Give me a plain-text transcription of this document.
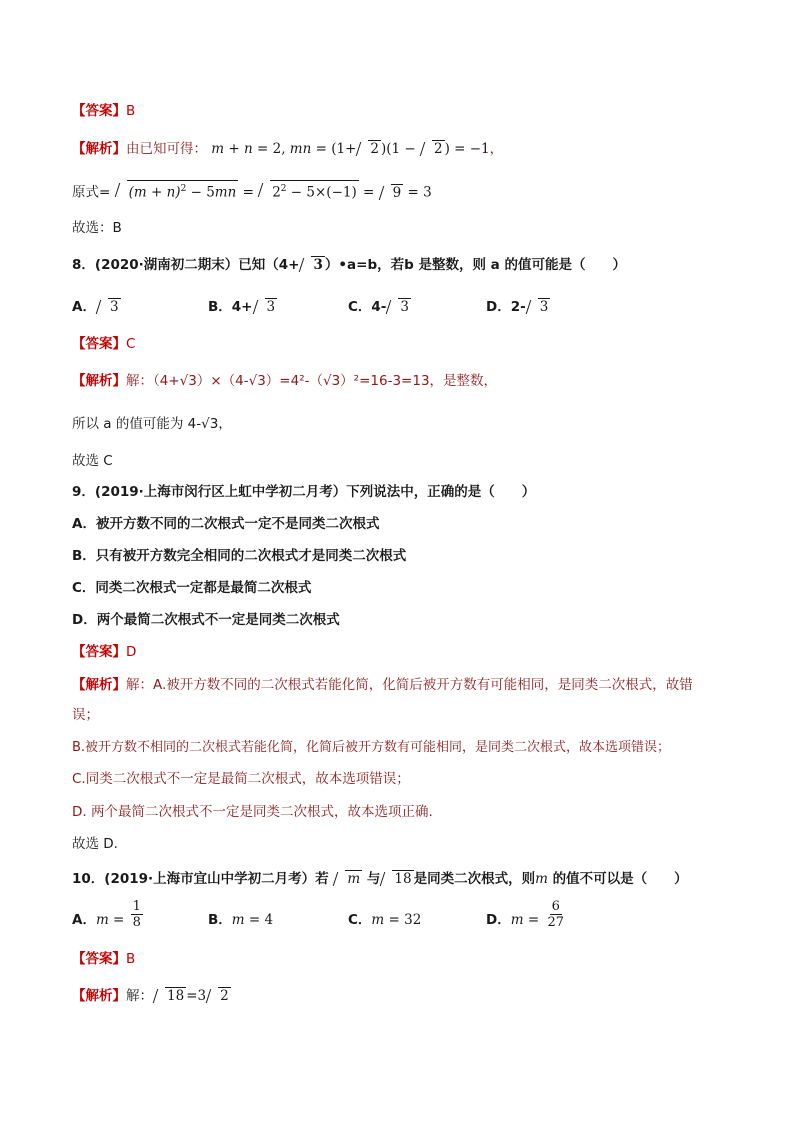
【答案】B
【解析】由已知可得： m + n = 2, mn = (1+ 2 )(1 − 2 ) = −1，
原式= $(m + n)^2 - 5mn = 2^2 - 5\times(-1) = 9 = 3$
故选：B
8．(2020·湖南初二期末）已知（4+ 3 ）•a=b，若b 是整数，则 a 的值可能是（　　）
A． 3	B．4+ 3	C．4- 3	D．2- 3
【答案】C
【解析】解：（4+√3）×（4-√3）=4²-（√3）²=16-3=13，是整数，
所以 a 的值可能为 4-√3，
故选 C
9．(2019·上海市闵行区上虹中学初二月考）下列说法中，正确的是（　　）
A．被开方数不同的二次根式一定不是同类二次根式
B．只有被开方数完全相同的二次根式才是同类二次根式
C．同类二次根式一定都是最简二次根式
D．两个最简二次根式不一定是同类二次根式
【答案】D
【解析】解：A.被开方数不同的二次根式若能化简，化简后被开方数有可能相同，是同类二次根式，故错
误；
B.被开方数不相同的二次根式若能化简，化简后被开方数有可能相同，是同类二次根式，故本选项错误；
C.同类二次根式不一定是最简二次根式，故本选项错误；
D. 两个最简二次根式不一定是同类二次根式，故本选项正确.
故选 D.
10．(2019·上海市宜山中学初二月考）若 m 与 18 是同类二次根式，则m 的值不可以是（　　）
A．$m = \frac{1}{8}$	B．m = 4	C．m = 32	D．$m = \frac{6}{27}$
【答案】B
【解析】解： 18 =3 2
